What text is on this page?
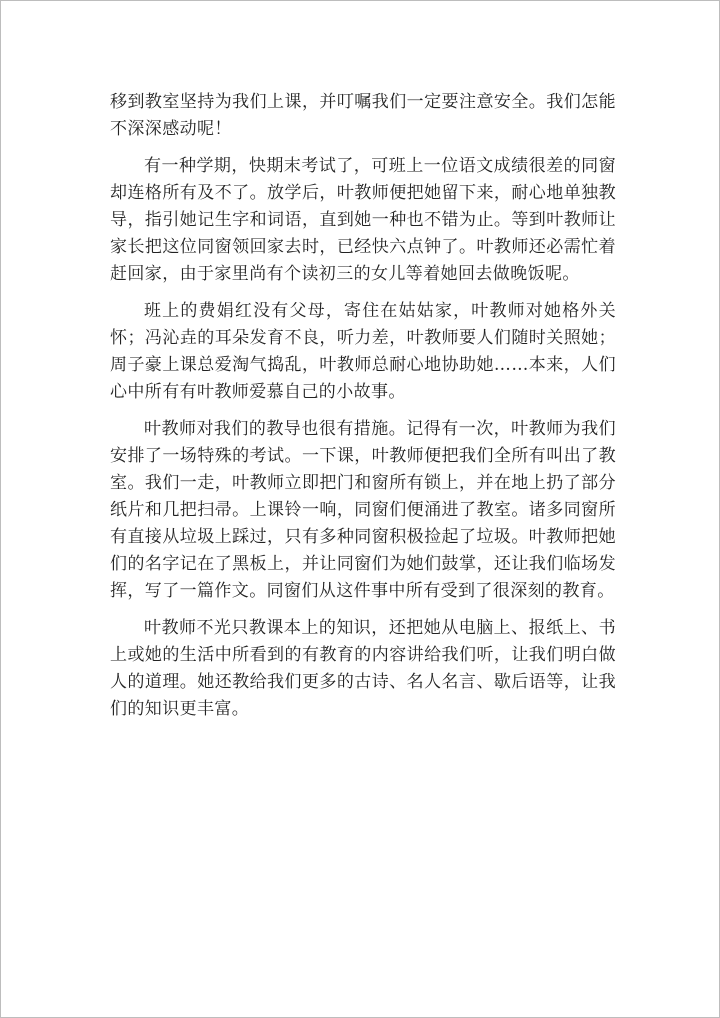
移到教室坚持为我们上课，并叮嘱我们一定要注意安全。我们怎能不深深感动呢！

有一种学期，快期末考试了，可班上一位语文成绩很差的同窗却连格所有及不了。放学后，叶教师便把她留下来，耐心地单独教导，指引她记生字和词语，直到她一种也不错为止。等到叶教师让家长把这位同窗领回家去时，已经快六点钟了。叶教师还必需忙着赶回家，由于家里尚有个读初三的女儿等着她回去做晚饭呢。

班上的费娟红没有父母，寄住在姑姑家，叶教师对她格外关怀；冯沁垚的耳朵发育不良，听力差，叶教师要人们随时关照她；周子豪上课总爱淘气捣乱，叶教师总耐心地协助她……本来，人们心中所有有叶教师爱慕自己的小故事。

叶教师对我们的教导也很有措施。记得有一次，叶教师为我们安排了一场特殊的考试。一下课，叶教师便把我们全所有叫出了教室。我们一走，叶教师立即把门和窗所有锁上，并在地上扔了部分纸片和几把扫帚。上课铃一响，同窗们便涌进了教室。诸多同窗所有直接从垃圾上踩过，只有多种同窗积极捡起了垃圾。叶教师把她们的名字记在了黑板上，并让同窗们为她们鼓掌，还让我们临场发挥，写了一篇作文。同窗们从这件事中所有受到了很深刻的教育。

叶教师不光只教课本上的知识，还把她从电脑上、报纸上、书上或她的生活中所看到的有教育的内容讲给我们听，让我们明白做人的道理。她还教给我们更多的古诗、名人名言、歇后语等，让我们的知识更丰富。
